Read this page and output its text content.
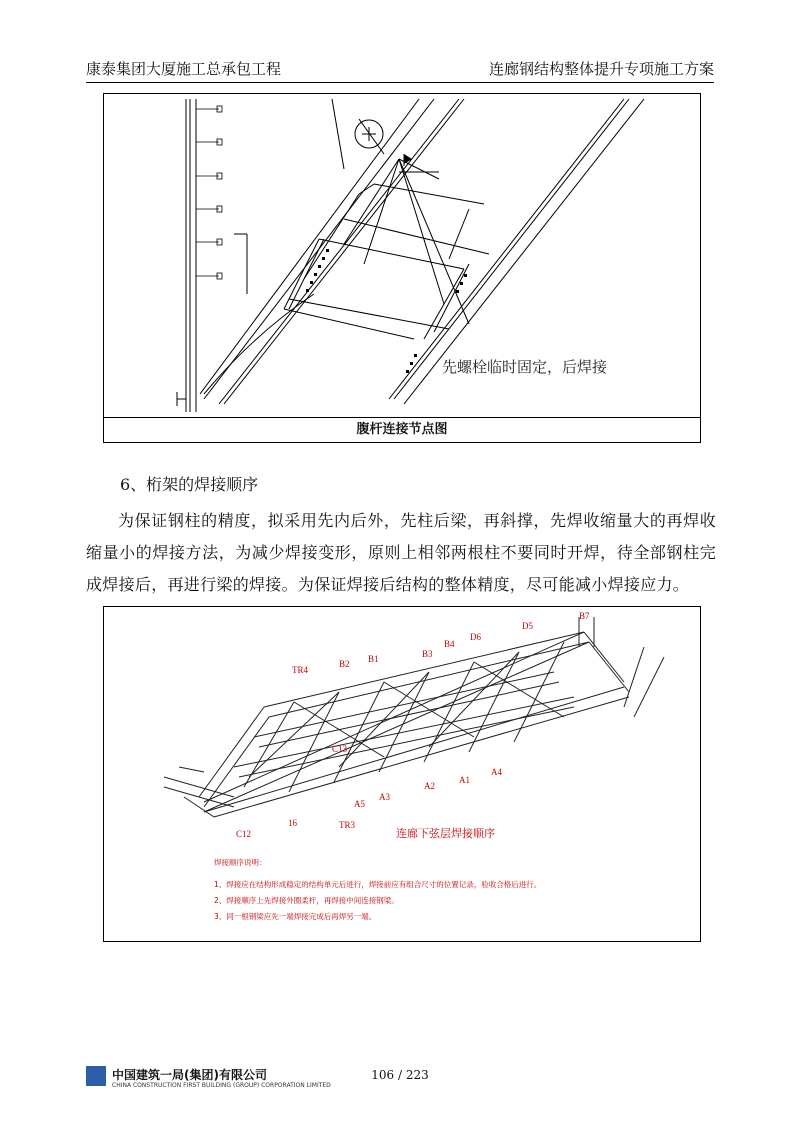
康泰集团大厦施工总承包工程	连廊钢结构整体提升专项施工方案
先螺栓临时固定，后焊接
腹杆连接节点图
6、桁架的焊接顺序
为保证钢柱的精度，拟采用先内后外，先柱后梁，再斜撑，先焊收缩量大的再焊收缩量小的焊接方法，为减少焊接变形，原则上相邻两根柱不要同时开焊，待全部钢柱完成焊接后，再进行梁的焊接。为保证焊接后结构的整体精度，尽可能减小焊接应力。
B7
D6
D5
B4
B3
B2 B1
TR4
C13
C12
16	TR3
A5
A3
A2
A1
A4
连廊下弦层焊接顺序
焊接顺序说明：
1、焊接应在结构形成稳定的结构单元后进行，焊接前应有组合尺寸的位置记录，验收合格后进行。
2、焊接顺序上先焊接外圈柔杆，再焊接中间连接钢梁。
3、同一根钢梁应先一端焊接完成后再焊另一端。
中国建筑一局(集团)有限公司
CHINA CONSTRUCTION FIRST BUILDING (GROUP) CORPORATION LIMITED
106 / 223
